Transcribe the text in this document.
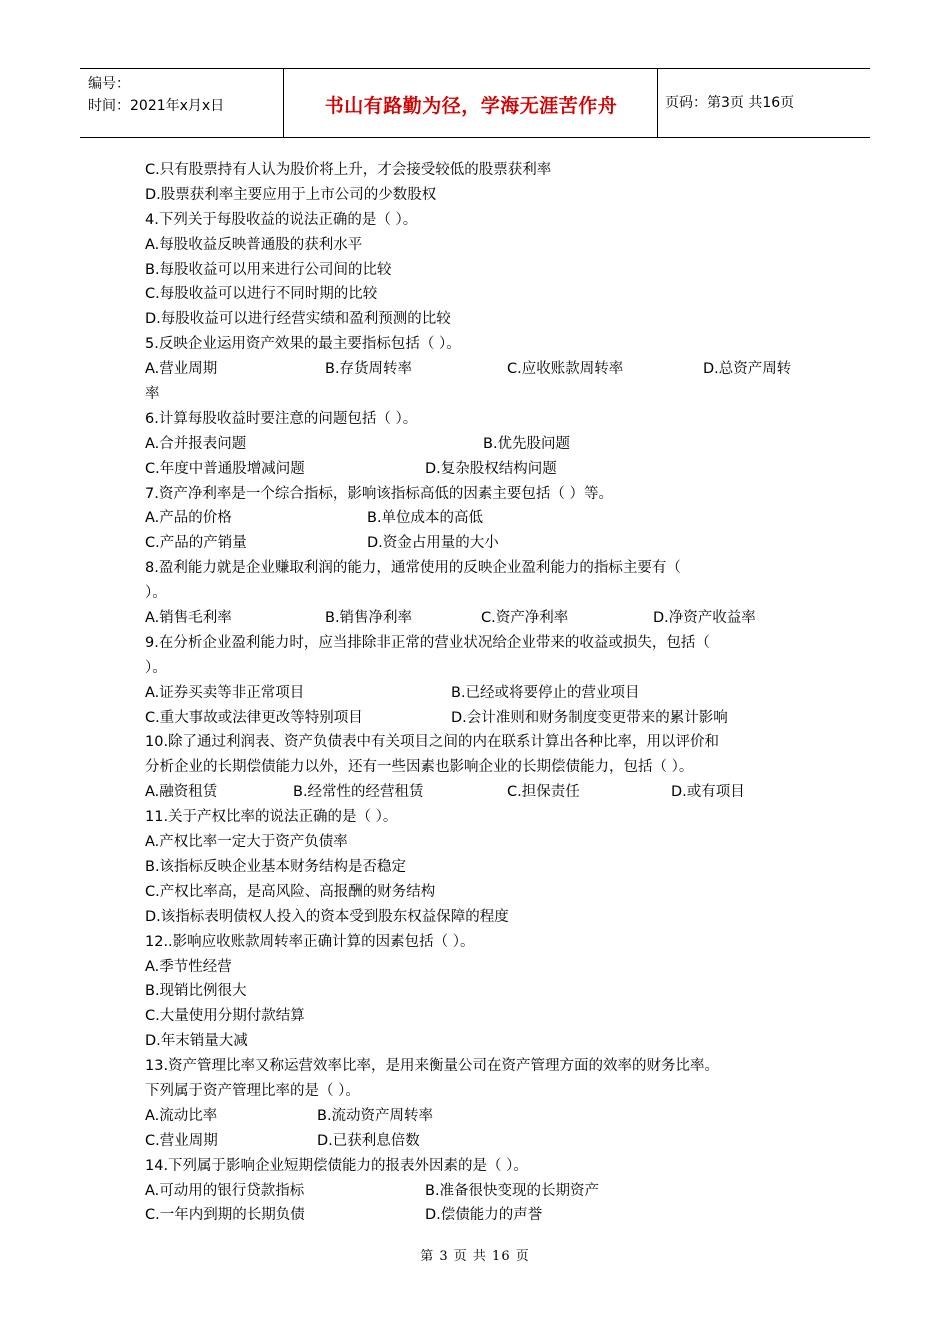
编号：
时间：2021年x月x日	书山有路勤为径，学海无涯苦作舟	页码：第3页 共16页
C.只有股票持有人认为股价将上升，才会接受较低的股票获利率
D.股票获利率主要应用于上市公司的少数股权
4.下列关于每股收益的说法正确的是（ ）。
A.每股收益反映普通股的获利水平
B.每股收益可以用来进行公司间的比较
C.每股收益可以进行不同时期的比较
D.每股收益可以进行经营实绩和盈利预测的比较
5.反映企业运用资产效果的最主要指标包括（ ）。
A.营业周期	B.存货周转率	C.应收账款周转率	D.总资产周转
率
6.计算每股收益时要注意的问题包括（ ）。
A.合并报表问题	B.优先股问题
C.年度中普通股增减问题	D.复杂股权结构问题
7.资产净利率是一个综合指标，影响该指标高低的因素主要包括（ ）等。
A.产品的价格	B.单位成本的高低
C.产品的产销量	D.资金占用量的大小
8.盈利能力就是企业赚取利润的能力，通常使用的反映企业盈利能力的指标主要有（
）。
A.销售毛利率	B.销售净利率	C.资产净利率	D.净资产收益率
9.在分析企业盈利能力时，应当排除非正常的营业状况给企业带来的收益或损失，包括（
）。
A.证券买卖等非正常项目	B.已经或将要停止的营业项目
C.重大事故或法律更改等特别项目	D.会计准则和财务制度变更带来的累计影响
10.除了通过利润表、资产负债表中有关项目之间的内在联系计算出各种比率，用以评价和
分析企业的长期偿债能力以外，还有一些因素也影响企业的长期偿债能力，包括（ ）。
A.融资租赁	B.经常性的经营租赁	C.担保责任	D.或有项目
11.关于产权比率的说法正确的是（ ）。
A.产权比率一定大于资产负债率
B.该指标反映企业基本财务结构是否稳定
C.产权比率高，是高风险、高报酬的财务结构
D.该指标表明债权人投入的资本受到股东权益保障的程度
12..影响应收账款周转率正确计算的因素包括（ ）。
A.季节性经营
B.现销比例很大
C.大量使用分期付款结算
D.年末销量大减
13.资产管理比率又称运营效率比率，是用来衡量公司在资产管理方面的效率的财务比率。
下列属于资产管理比率的是（ ）。
A.流动比率	B.流动资产周转率
C.营业周期	D.已获利息倍数
14.下列属于影响企业短期偿债能力的报表外因素的是（ ）。
A.可动用的银行贷款指标	B.准备很快变现的长期资产
C.一年内到期的长期负债	D.偿债能力的声誉
第 3 页 共 16 页
